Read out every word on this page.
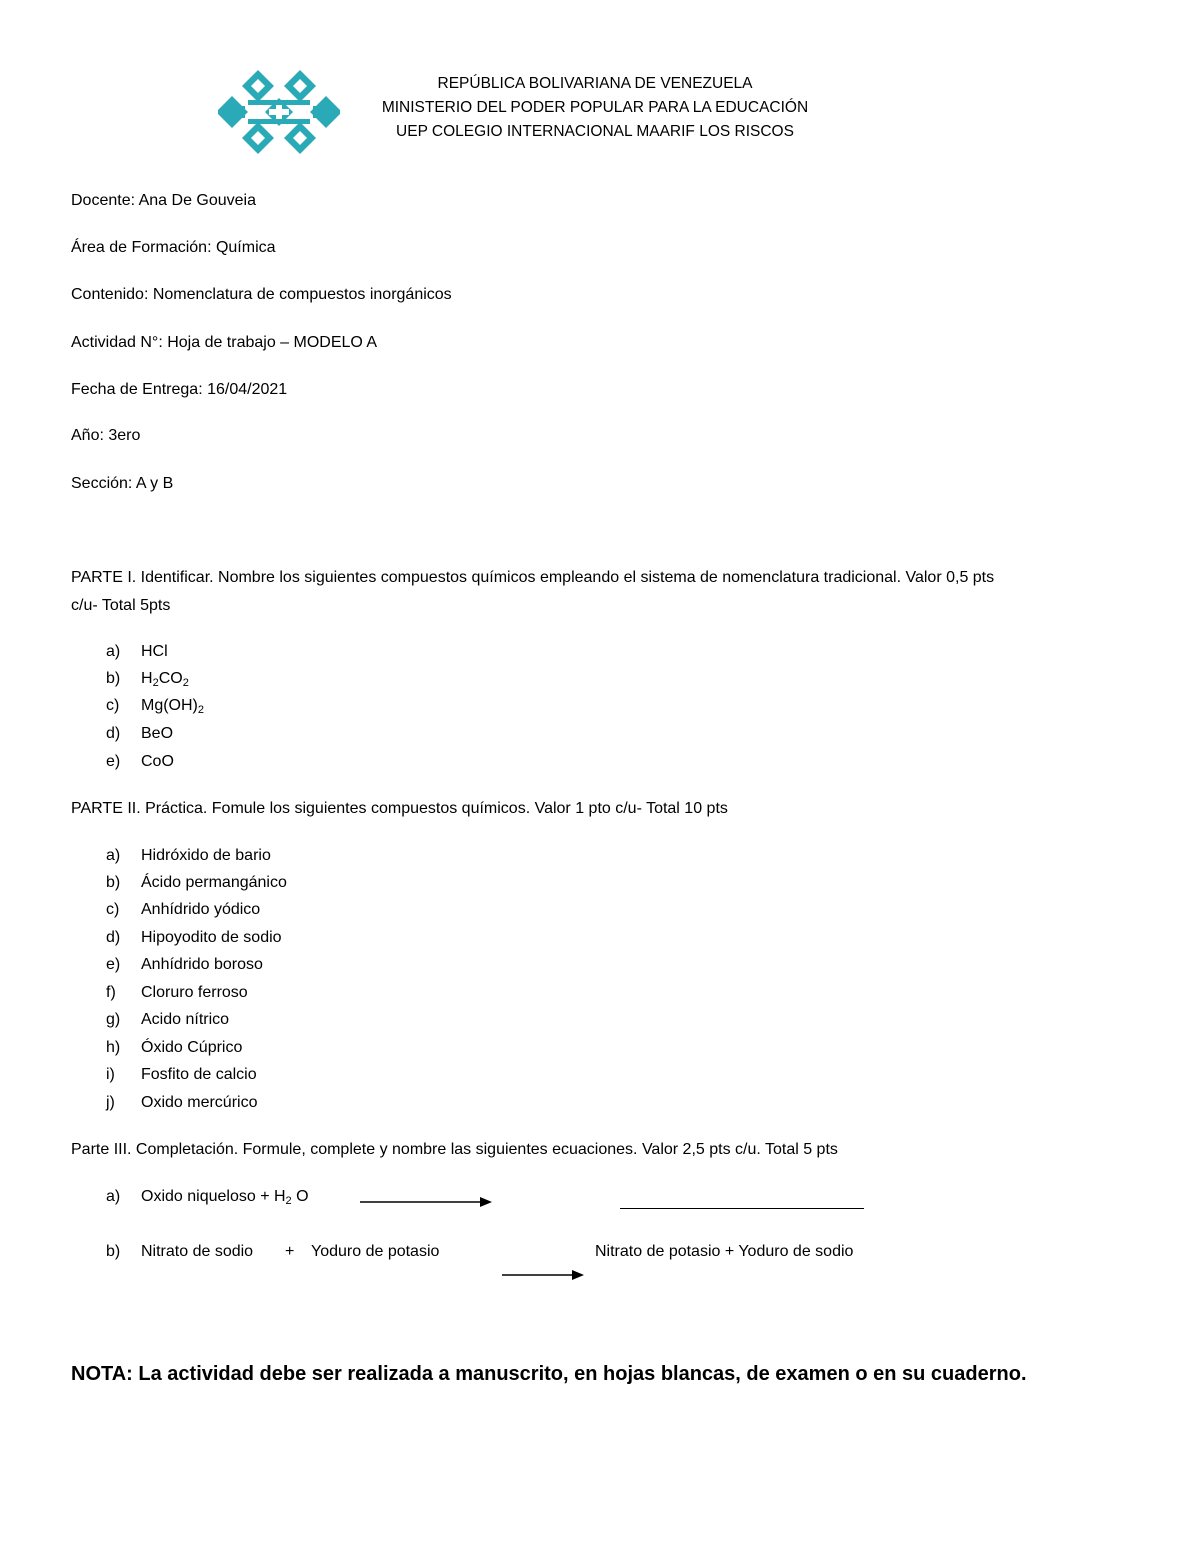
REPÚBLICA BOLIVARIANA DE VENEZUELA
MINISTERIO DEL PODER POPULAR PARA LA EDUCACIÓN
UEP COLEGIO INTERNACIONAL MAARIF LOS RISCOS
Docente: Ana De Gouveia
Área de Formación: Química
Contenido: Nomenclatura de compuestos inorgánicos
Actividad N°: Hoja de trabajo – MODELO A
Fecha de Entrega: 16/04/2021
Año: 3ero
Sección: A y B
PARTE I. Identificar. Nombre los siguientes compuestos químicos empleando el sistema de nomenclatura tradicional. Valor 0,5 pts
c/u- Total 5pts
a) HCl
b) $H_2CO_2$
c) $Mg(OH)_2$
d) BeO
e) CoO
PARTE II. Práctica. Fomule los siguientes compuestos químicos. Valor 1 pto c/u- Total 10 pts
a) Hidróxido de bario
b) Ácido permangánico
c) Anhídrido yódico
d) Hipoyodito de sodio
e) Anhídrido boroso
f) Cloruro ferroso
g) Acido nítrico
h) Óxido Cúprico
i) Fosfito de calcio
j) Oxido mercúrico
Parte III. Completación. Formule, complete y nombre las siguientes ecuaciones. Valor 2,5 pts c/u. Total 5 pts
a) Oxido niqueloso + $H_2$ O
b) Nitrato de sodio + Yoduro de potasio	Nitrato de potasio + Yoduro de sodio
NOTA: La actividad debe ser realizada a manuscrito, en hojas blancas, de examen o en su cuaderno.
